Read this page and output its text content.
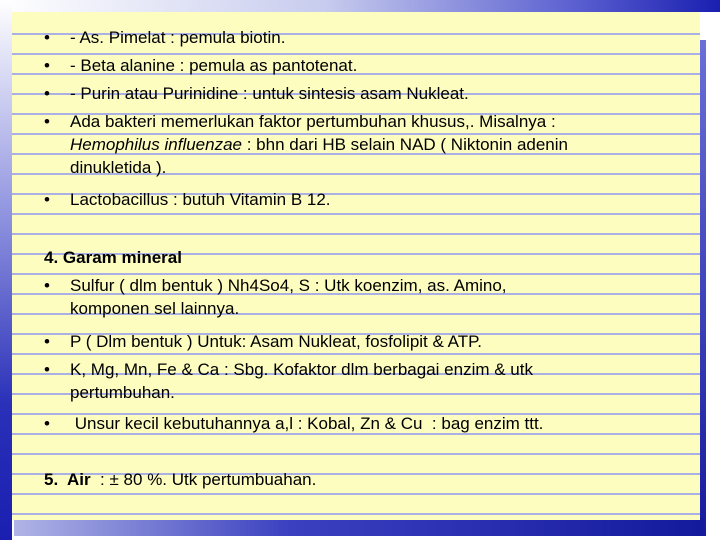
•	- As. Pimelat : pemula biotin.
•	- Beta alanine : pemula as pantotenat.
•	- Purin atau Purinidine : untuk sintesis asam Nukleat.
•	Ada bakteri memerlukan faktor pertumbuhan khusus,. Misalnya :
Hemophilus influenzae : bhn dari HB selain NAD ( Niktonin adenin
dinukletida ).
•	Lactobacillus : butuh Vitamin B 12.
4. Garam mineral
•	Sulfur ( dlm bentuk ) Nh4So4, S : Utk koenzim, as. Amino,
komponen sel lainnya.
•	P ( Dlm bentuk ) Untuk: Asam Nukleat, fosfolipit & ATP.
•	K, Mg, Mn, Fe & Ca : Sbg. Kofaktor dlm berbagai enzim & utk
pertumbuhan.
•	Unsur kecil kebutuhannya a,l : Kobal, Zn & Cu  : bag enzim ttt.
5.  Air  : ± 80 %. Utk pertumbuahan.
